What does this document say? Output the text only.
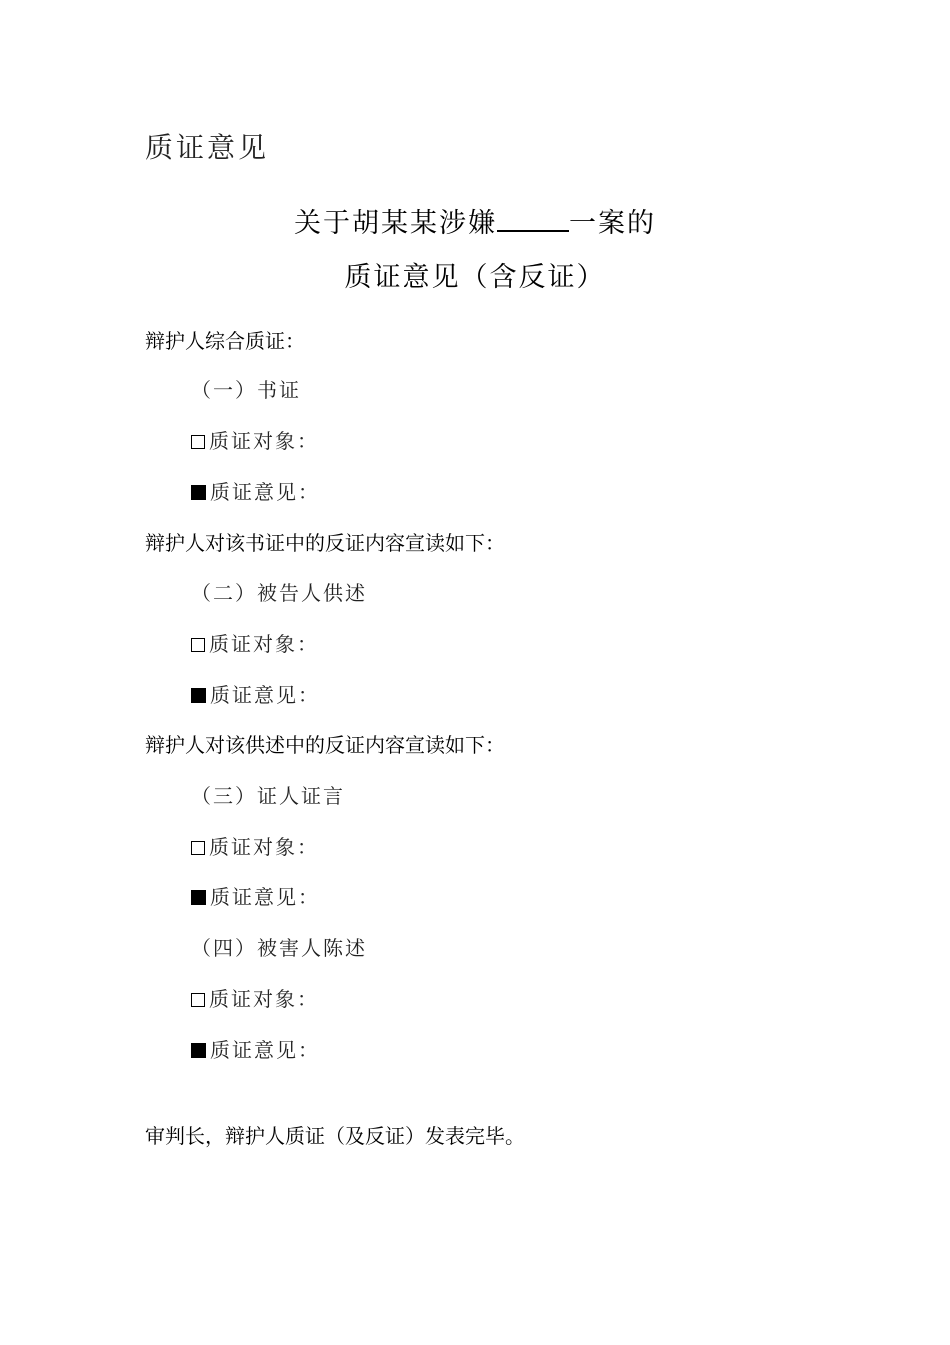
质证意见
关于胡某某涉嫌	一案的
质证意见（含反证）
辩护人综合质证：
（一）书证
质证对象：
质证意见：
辩护人对该书证中的反证内容宣读如下：
（二）被告人供述
质证对象：
质证意见：
辩护人对该供述中的反证内容宣读如下：
（三）证人证言
质证对象：
质证意见：
（四）被害人陈述
质证对象：
质证意见：
审判长，辩护人质证（及反证）发表完毕。
